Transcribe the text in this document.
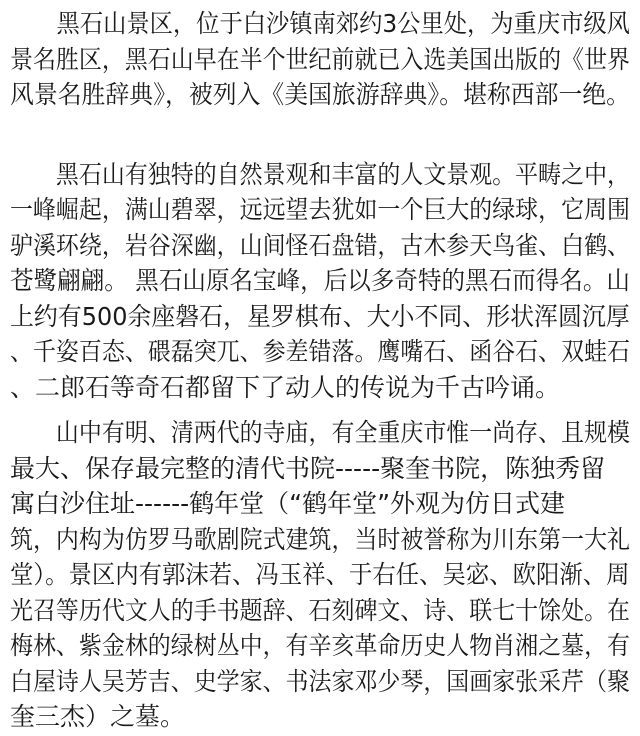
　　黑石山景区，位于白沙镇南郊约3公里处，为重庆市级风
景名胜区，黑石山早在半个世纪前就已入选美国出版的《世界
风景名胜辞典》，被列入《美国旅游辞典》。堪称西部一绝。
　　黑石山有独特的自然景观和丰富的人文景观。平畴之中，
一峰崛起，满山碧翠，远远望去犹如一个巨大的绿球，它周围
驴溪环绕，岩谷深幽，山间怪石盘错，古木参天鸟雀、白鹤、
苍鹭翩翩。 黑石山原名宝峰，后以多奇特的黑石而得名。山
上约有500余座磐石，星罗棋布、大小不同、形状浑圆沉厚
、千姿百态、碨磊突兀、参差错落。鹰嘴石、函谷石、双蛙石
、二郎石等奇石都留下了动人的传说为千古吟诵。
　　山中有明、清两代的寺庙，有全重庆市惟一尚存、且规模
最大、保存最完整的清代书院-----聚奎书院，陈独秀留
寓白沙住址------鹤年堂（“鹤年堂”外观为仿日式建
筑，内构为仿罗马歌剧院式建筑，当时被誉称为川东第一大礼
堂）。景区内有郭沫若、冯玉祥、于右任、吴宓、欧阳渐、周
光召等历代文人的手书题辞、石刻碑文、诗、联七十馀处。在
梅林、紫金林的绿树丛中，有辛亥革命历史人物肖湘之墓，有
白屋诗人吴芳吉、史学家、书法家邓少琴，国画家张采芹（聚
奎三杰）之墓。
